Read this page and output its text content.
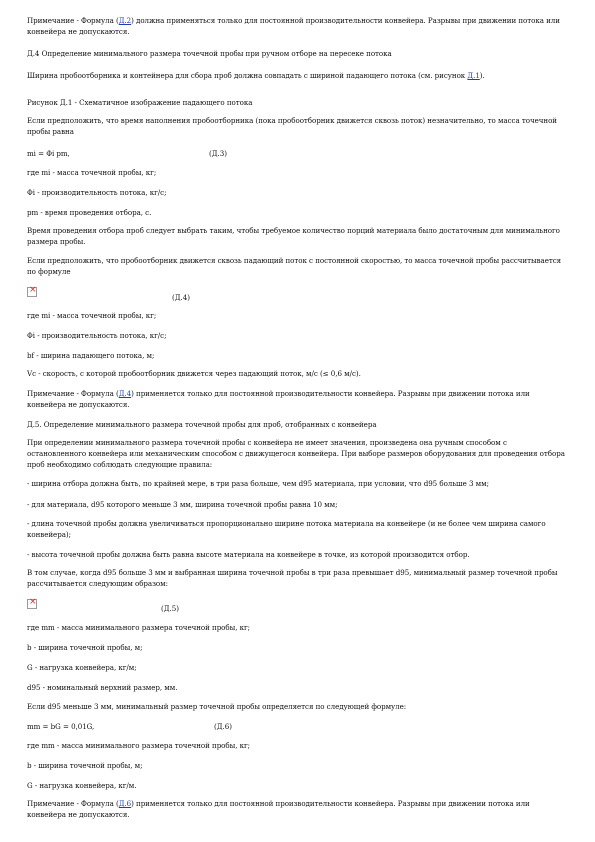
Примечание - Формула (Д.2) должна применяться только для постоянной производительности конвейера. Разрывы при движении потока или конвейера не допускаются.
Д.4 Определение минимального размера точечной пробы при ручном отборе на пересеке потока
Ширина пробоотборника и контейнера для сбора проб должна совпадать с шириной падающего потока (см. рисунок Д.1).
Рисунок Д.1 - Схематичное изображение падающего потока
Если предположить, что время наполнения пробоотборника (пока пробоотборник движется сквозь поток) незначительно, то масса точечной пробы равна
mi = Φi pm,	(Д.3)
где mi - масса точечной пробы, кг;
Φi - производительность потока, кг/с;
pm - время проведения отбора, с.
Время проведения отбора проб следует выбрать таким, чтобы требуемое количество порций материала было достаточным для минимального размера пробы.
Если предположить, что пробоотборник движется сквозь падающий поток с постоянной скоростью, то масса точечной пробы рассчитывается по формуле
×
(Д.4)
где mi - масса точечной пробы, кг;
Φi - производительность потока, кг/с;
bf - ширина падающего потока, м;
Vc - скорость, с которой пробоотборник движется через падающий поток, м/с (≤ 0,6 м/с).
Примечание - Формула (Д.4) применяется только для постоянной производительности конвейера. Разрывы при движении потока или конвейера не допускаются.
Д.5. Определение минимального размера точечной пробы для проб, отобранных с конвейера
При определении минимального размера точечной пробы с конвейера не имеет значения, произведена она ручным способом с остановленного конвейера или механическим способом с движущегося конвейера. При выборе размеров оборудования для проведения отбора проб необходимо соблюдать следующие правила:
- ширина отбора должна быть, по крайней мере, в три раза больше, чем d95 материала, при условии, что d95 больше 3 мм;
- для материала, d95 которого меньше 3 мм, ширина точечной пробы равна 10 мм;
- длина точечной пробы должна увеличиваться пропорционально ширине потока материала на конвейере (и не более чем ширина самого конвейера);
- высота точечной пробы должна быть равна высоте материала на конвейере в точке, из которой производится отбор.
В том случае, когда d95 больше 3 мм и выбранная ширина точечной пробы в три раза превышает d95, минимальный размер точечной пробы рассчитывается следующим образом:
×
(Д.5)
где mm - масса минимального размера точечной пробы, кг;
b - ширина точечной пробы, м;
G - нагрузка конвейера, кг/м;
d95 - номинальный верхний размер, мм.
Если d95 меньше 3 мм, минимальный размер точечной пробы определяется по следующей формуле:
mm = bG = 0,01G,	(Д.6)
где mm - масса минимального размера точечной пробы, кг;
b - ширина точечной пробы, м;
G - нагрузка конвейера, кг/м.
Примечание - Формула (Д.6) применяется только для постоянной производительности конвейера. Разрывы при движении потока или конвейера не допускаются.
